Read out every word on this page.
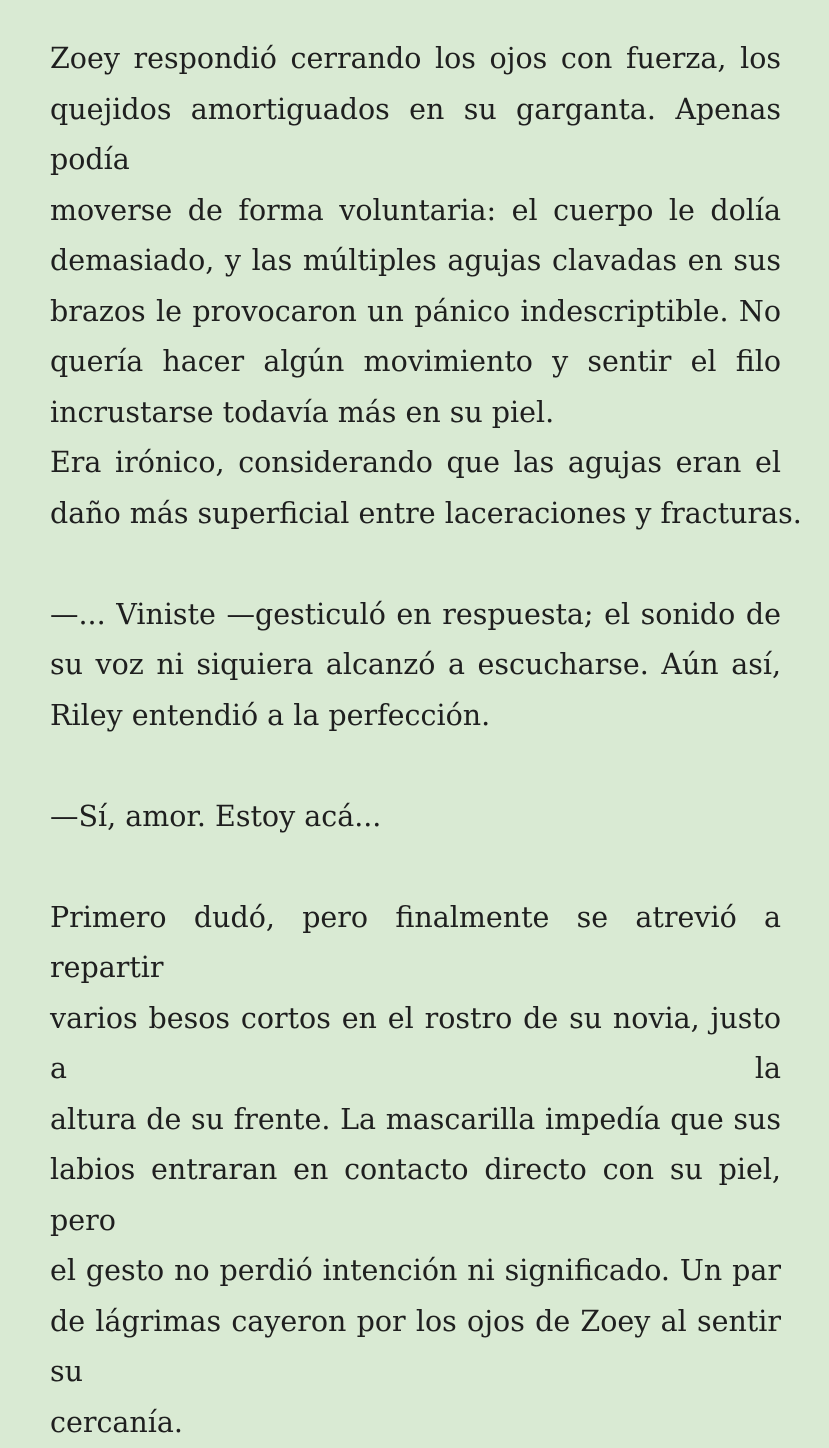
Zoey respondió cerrando los ojos con fuerza, los
quejidos amortiguados en su garganta. Apenas podía
moverse de forma voluntaria: el cuerpo le dolía
demasiado, y las múltiples agujas clavadas en sus
brazos le provocaron un pánico indescriptible. No
quería hacer algún movimiento y sentir el filo
incrustarse todavía más en su piel.

Era irónico, considerando que las agujas eran el
daño más superficial entre laceraciones y fracturas.

—... Viniste —gesticuló en respuesta; el sonido de
su voz ni siquiera alcanzó a escucharse. Aún así,
Riley entendió a la perfección.

—Sí, amor. Estoy acá...

Primero dudó, pero finalmente se atrevió a repartir
varios besos cortos en el rostro de su novia, justo a la
altura de su frente. La mascarilla impedía que sus
labios entraran en contacto directo con su piel, pero
el gesto no perdió intención ni significado. Un par
de lágrimas cayeron por los ojos de Zoey al sentir su
cercanía.
